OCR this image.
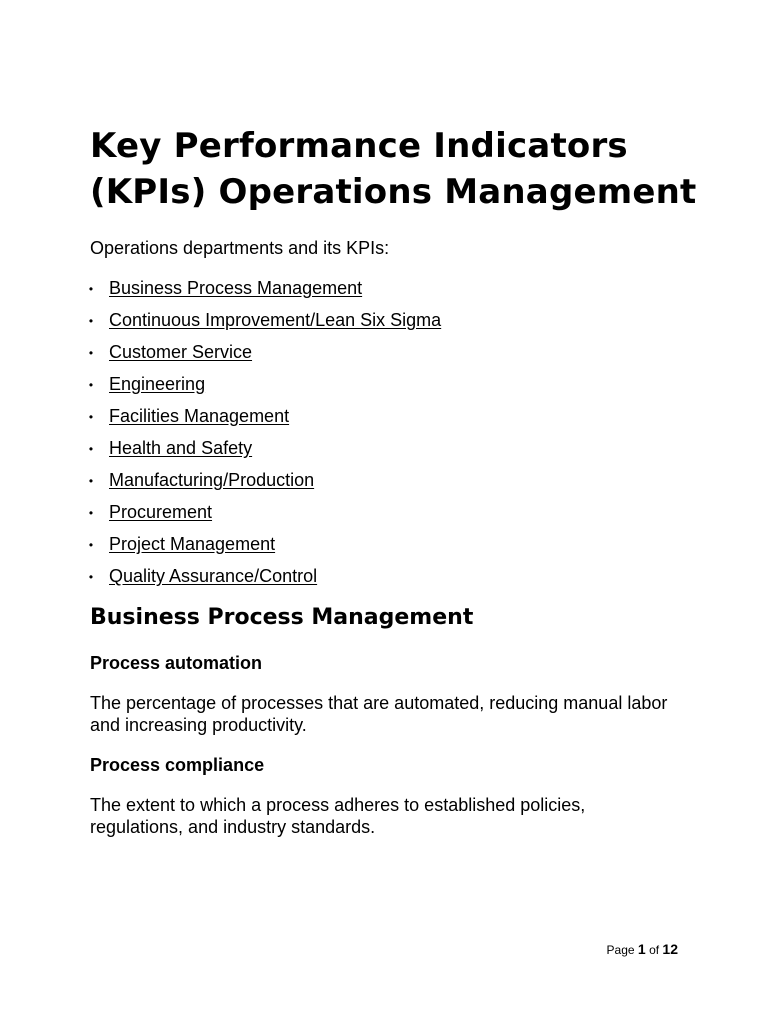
Key Performance Indicators
(KPIs) Operations Management

Operations departments and its KPIs:

• Business Process Management
• Continuous Improvement/Lean Six Sigma
• Customer Service
• Engineering
• Facilities Management
• Health and Safety
• Manufacturing/Production
• Procurement
• Project Management
• Quality Assurance/Control
Business Process Management
Process automation

The percentage of processes that are automated, reducing manual labor and increasing productivity.

Process compliance

The extent to which a process adheres to established policies, regulations, and industry standards.

Page 1 of 12
